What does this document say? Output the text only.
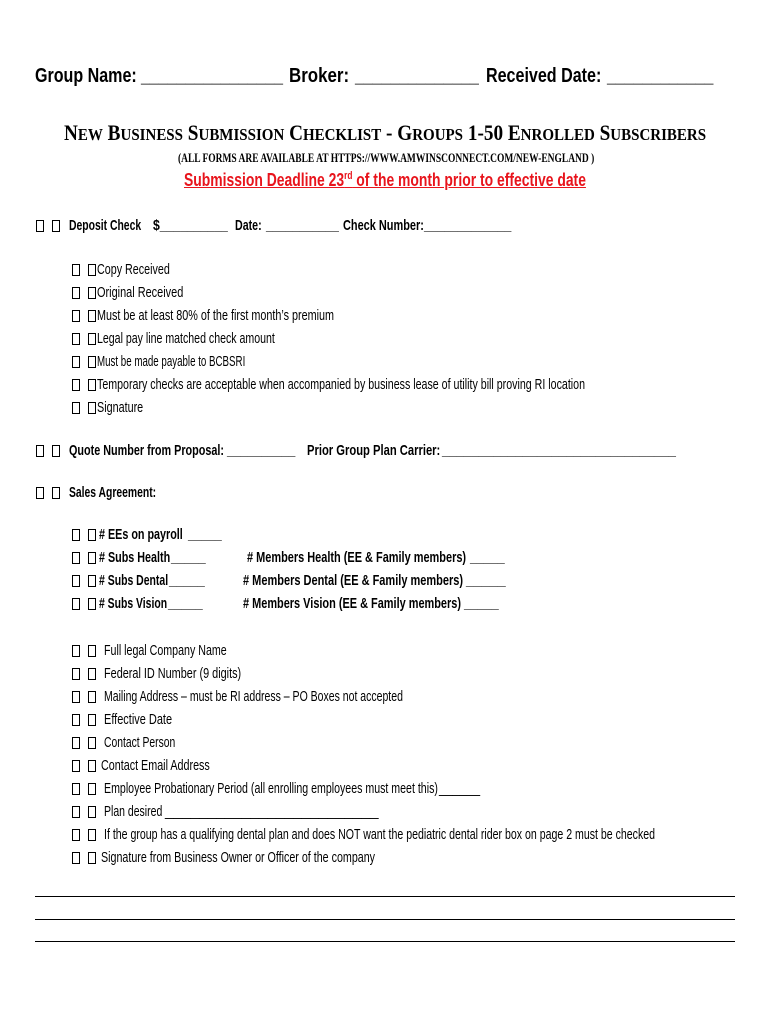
Group Name: ________________ Broker: ______________ Received Date: ____________
NEW BUSINESS SUBMISSION CHECKLIST - GROUPS 1-50 ENROLLED SUBSCRIBERS
(ALL FORMS ARE AVAILABLE AT HTTPS://WWW.AMWINSCONNECT.COM/NEW-ENGLAND )
Submission Deadline 23rd of the month prior to effective date
Deposit Check $__________ Date: ___________ Check Number: _____________
Copy Received
Original Received
Must be at least 80% of the first month’s premium
Legal pay line matched check amount
Must be made payable to BCBSRI
Temporary checks are acceptable when accompanied by business lease of utility bill proving RI location
Signature
Quote Number from Proposal: __________ Prior Group Plan Carrier: ________________________________
Sales Agreement:
# EEs on payroll _____
# Subs Health _____	# Members Health (EE & Family members) _____
# Subs Dental _____	# Members Dental (EE & Family members) _____
# Subs Vision _____	# Members Vision (EE & Family members) _____
Full legal Company Name
Federal ID Number (9 digits)
Mailing Address – must be RI address – PO Boxes not accepted
Effective Date
Contact Person
Contact Email Address
Employee Probationary Period (all enrolling employees must meet this) ______
Plan desired _________________________
If the group has a qualifying dental plan and does NOT want the pediatric dental rider box on page 2 must be checked
Signature from Business Owner or Officer of the company
